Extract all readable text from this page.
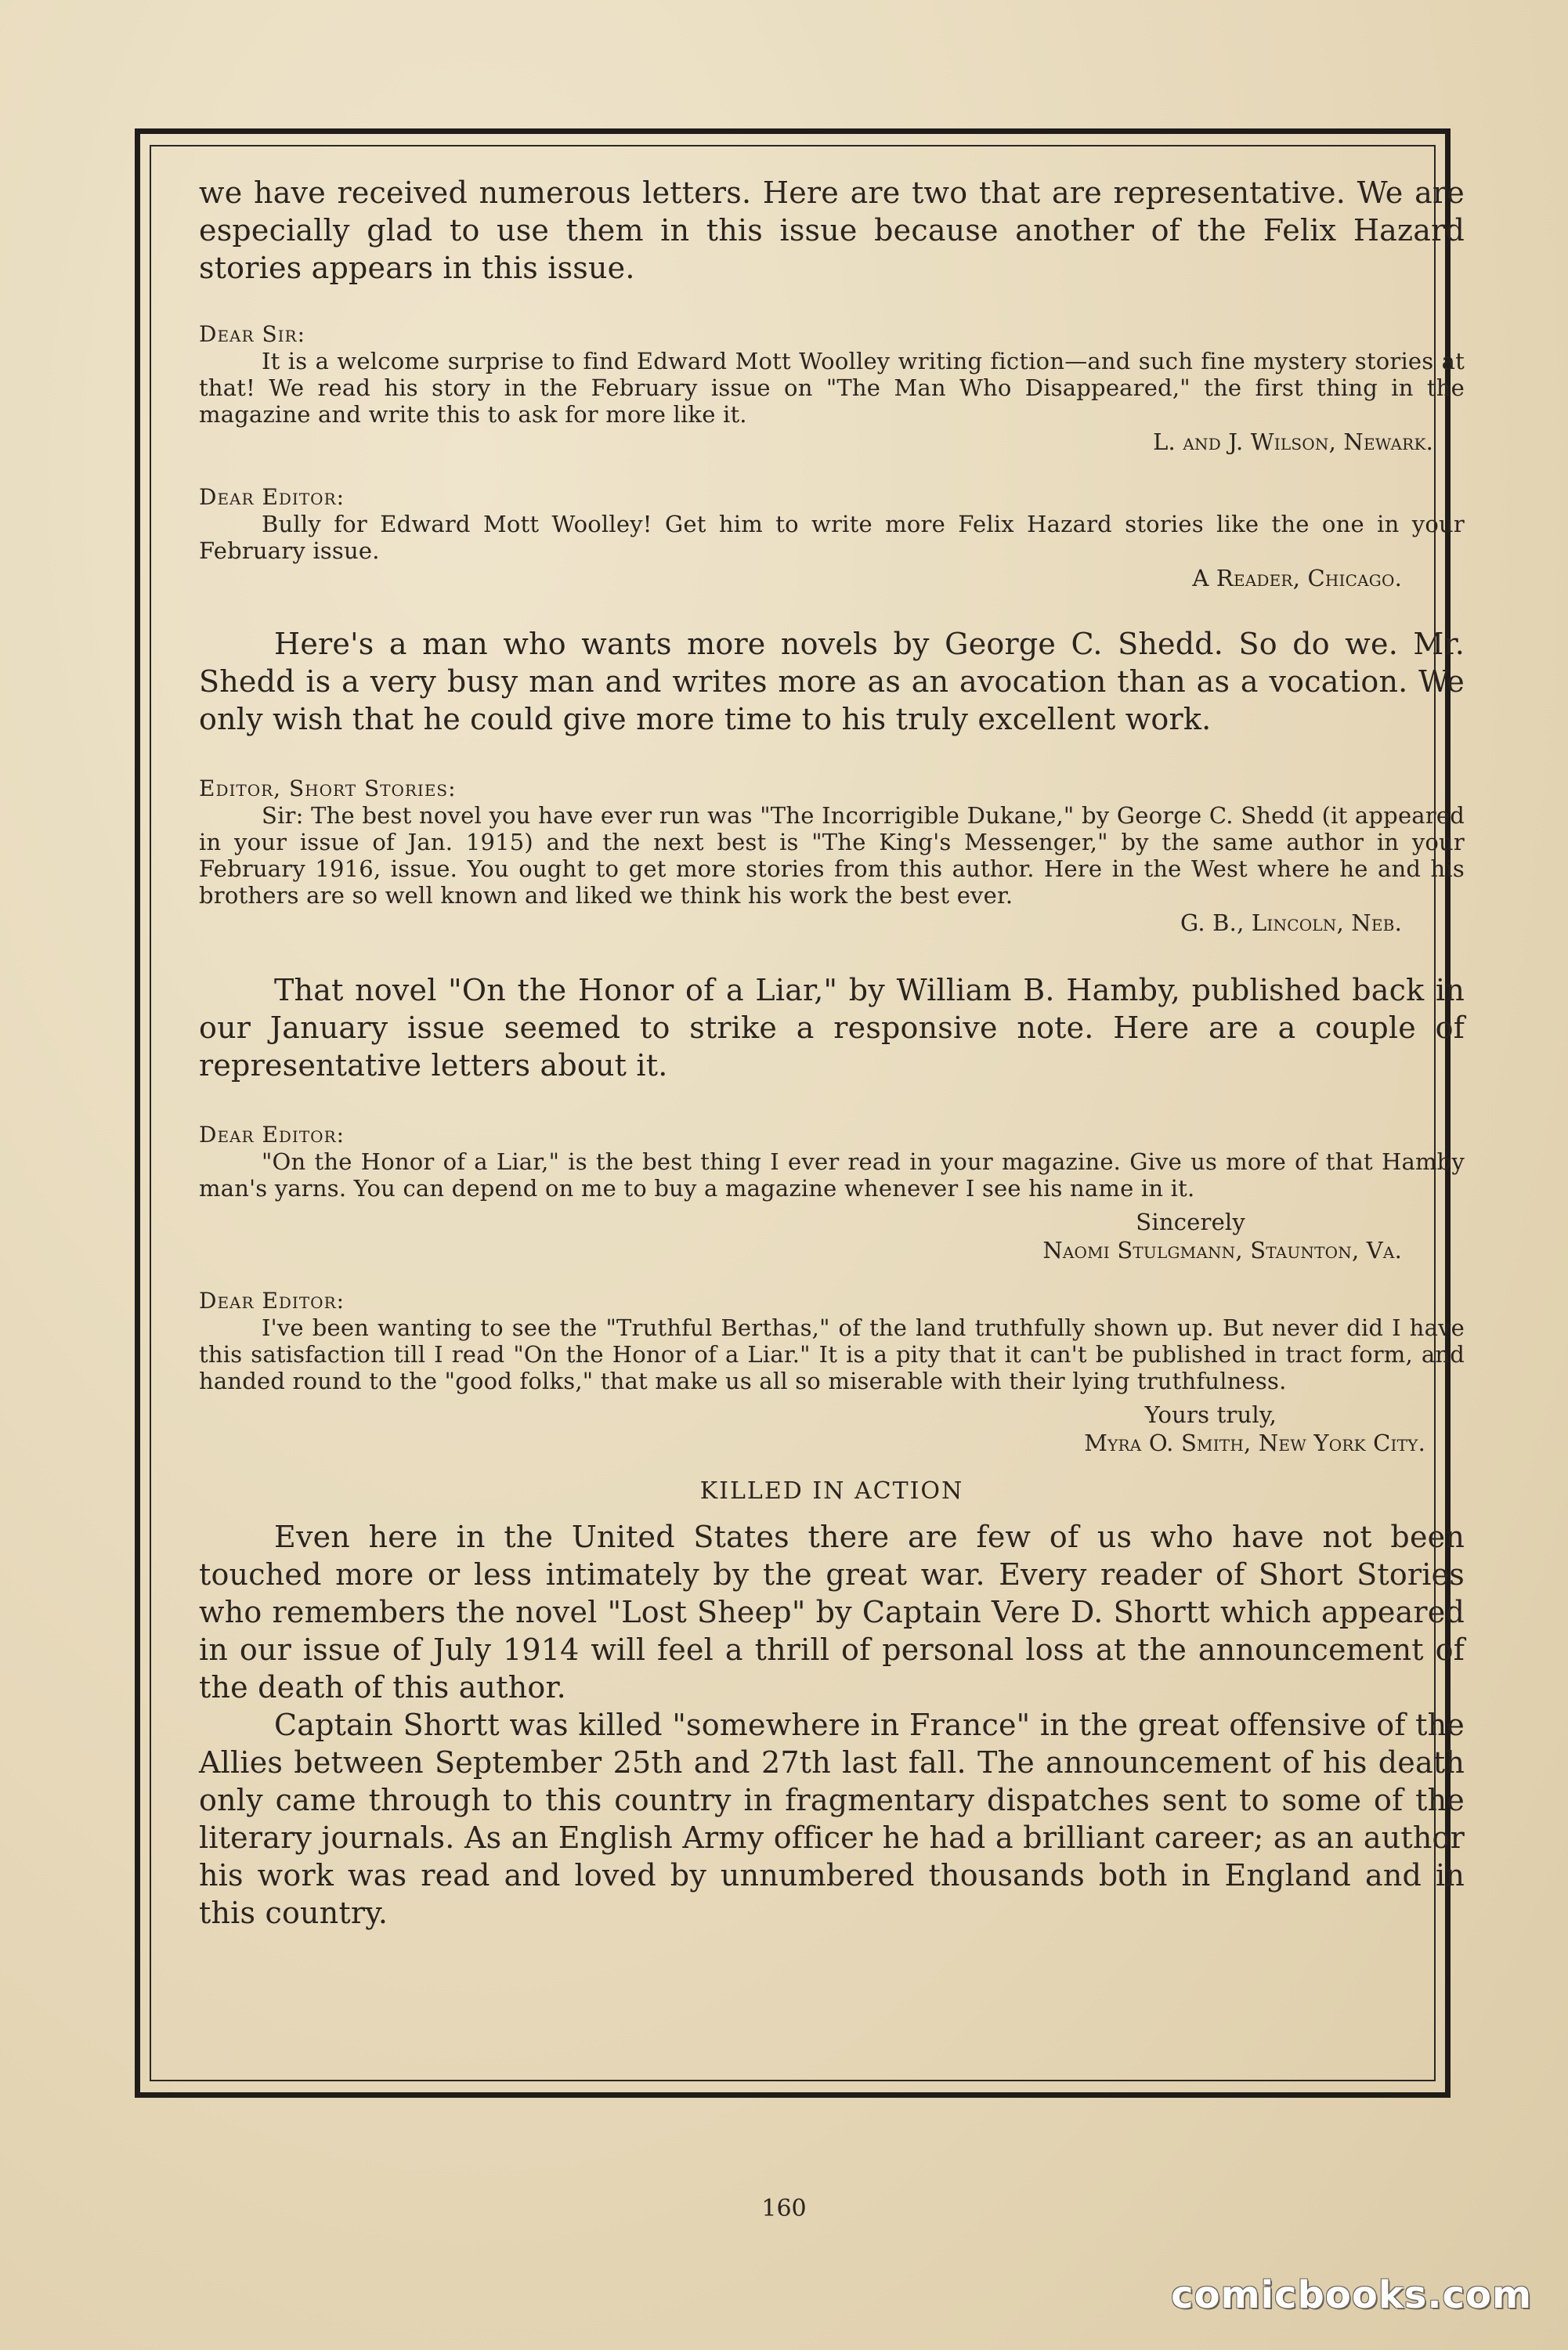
we have received numerous letters. Here are two that are representative. We are especially glad to use them in this issue because another of the Felix Hazard stories appears in this issue.

Dear Sir:

It is a welcome surprise to find Edward Mott Woolley writing fiction—and such fine mystery stories at that! We read his story in the February issue on "The Man Who Disappeared," the first thing in the magazine and write this to ask for more like it.

L. and J. Wilson, Newark.

Dear Editor:

Bully for Edward Mott Woolley! Get him to write more Felix Hazard stories like the one in your February issue.

A Reader, Chicago.

Here's a man who wants more novels by George C. Shedd. So do we. Mr. Shedd is a very busy man and writes more as an avocation than as a vocation. We only wish that he could give more time to his truly excellent work.

Editor, Short Stories:

Sir: The best novel you have ever run was "The Incorrigible Dukane," by George C. Shedd (it appeared in your issue of Jan. 1915) and the next best is "The King's Messenger," by the same author in your February 1916, issue. You ought to get more stories from this author. Here in the West where he and his brothers are so well known and liked we think his work the best ever.

G. B., Lincoln, Neb.

That novel "On the Honor of a Liar," by William B. Hamby, published back in our January issue seemed to strike a responsive note. Here are a couple of representative letters about it.

Dear Editor:

"On the Honor of a Liar," is the best thing I ever read in your magazine. Give us more of that Hamby man's yarns. You can depend on me to buy a magazine whenever I see his name in it.

Sincerely

Naomi Stulgmann, Staunton, Va.

Dear Editor:

I've been wanting to see the "Truthful Berthas," of the land truthfully shown up. But never did I have this satisfaction till I read "On the Honor of a Liar." It is a pity that it can't be published in tract form, and handed round to the "good folks," that make us all so miserable with their lying truthfulness.

Yours truly,

Myra O. Smith, New York City.

KILLED IN ACTION

Even here in the United States there are few of us who have not been touched more or less intimately by the great war. Every reader of Short Stories who remembers the novel "Lost Sheep" by Captain Vere D. Shortt which appeared in our issue of July 1914 will feel a thrill of personal loss at the announcement of the death of this author.

Captain Shortt was killed "somewhere in France" in the great offensive of the Allies between September 25th and 27th last fall. The announcement of his death only came through to this country in fragmentary dispatches sent to some of the literary journals. As an English Army officer he had a brilliant career; as an author his work was read and loved by unnumbered thousands both in England and in this country.

160
comicbooks.com
